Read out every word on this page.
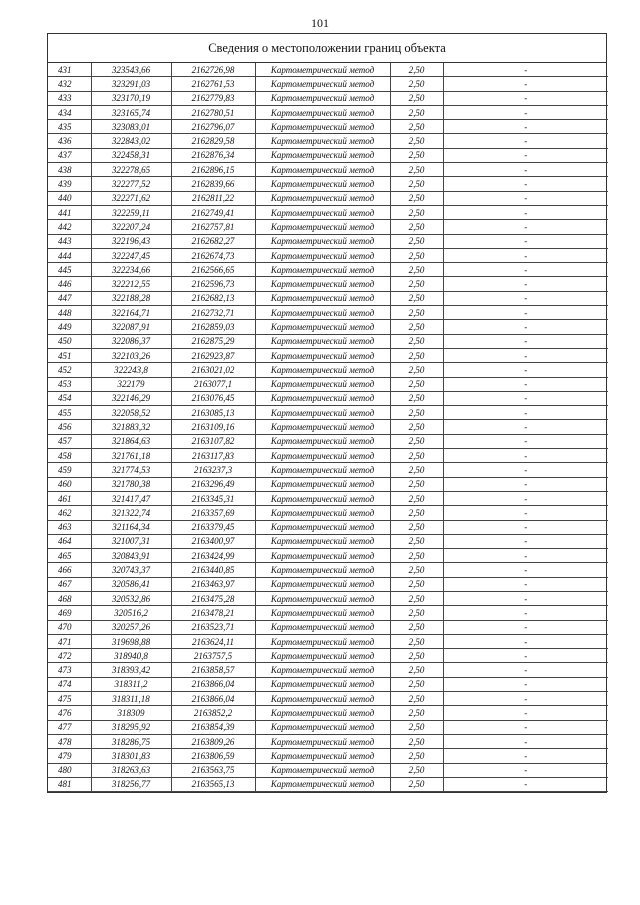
101
Сведения о местоположении границ объекта
431	323543,66	2162726,98	Картометрический метод	2,50	-
432	323291,03	2162761,53	Картометрический метод	2,50	-
433	323170,19	2162779,83	Картометрический метод	2,50	-
434	323165,74	2162780,51	Картометрический метод	2,50	-
435	323083,01	2162796,07	Картометрический метод	2,50	-
436	322843,02	2162829,58	Картометрический метод	2,50	-
437	322458,31	2162876,34	Картометрический метод	2,50	-
438	322278,65	2162896,15	Картометрический метод	2,50	-
439	322277,52	2162839,66	Картометрический метод	2,50	-
440	322271,62	2162811,22	Картометрический метод	2,50	-
441	322259,11	2162749,41	Картометрический метод	2,50	-
442	322207,24	2162757,81	Картометрический метод	2,50	-
443	322196,43	2162682,27	Картометрический метод	2,50	-
444	322247,45	2162674,73	Картометрический метод	2,50	-
445	322234,66	2162566,65	Картометрический метод	2,50	-
446	322212,55	2162596,73	Картометрический метод	2,50	-
447	322188,28	2162682,13	Картометрический метод	2,50	-
448	322164,71	2162732,71	Картометрический метод	2,50	-
449	322087,91	2162859,03	Картометрический метод	2,50	-
450	322086,37	2162875,29	Картометрический метод	2,50	-
451	322103,26	2162923,87	Картометрический метод	2,50	-
452	322243,8	2163021,02	Картометрический метод	2,50	-
453	322179	2163077,1	Картометрический метод	2,50	-
454	322146,29	2163076,45	Картометрический метод	2,50	-
455	322058,52	2163085,13	Картометрический метод	2,50	-
456	321883,32	2163109,16	Картометрический метод	2,50	-
457	321864,63	2163107,82	Картометрический метод	2,50	-
458	321761,18	2163117,83	Картометрический метод	2,50	-
459	321774,53	2163237,3	Картометрический метод	2,50	-
460	321780,38	2163296,49	Картометрический метод	2,50	-
461	321417,47	2163345,31	Картометрический метод	2,50	-
462	321322,74	2163357,69	Картометрический метод	2,50	-
463	321164,34	2163379,45	Картометрический метод	2,50	-
464	321007,31	2163400,97	Картометрический метод	2,50	-
465	320843,91	2163424,99	Картометрический метод	2,50	-
466	320743,37	2163440,85	Картометрический метод	2,50	-
467	320586,41	2163463,97	Картометрический метод	2,50	-
468	320532,86	2163475,28	Картометрический метод	2,50	-
469	320516,2	2163478,21	Картометрический метод	2,50	-
470	320257,26	2163523,71	Картометрический метод	2,50	-
471	319698,88	2163624,11	Картометрический метод	2,50	-
472	318940,8	2163757,5	Картометрический метод	2,50	-
473	318393,42	2163858,57	Картометрический метод	2,50	-
474	318311,2	2163866,04	Картометрический метод	2,50	-
475	318311,18	2163866,04	Картометрический метод	2,50	-
476	318309	2163852,2	Картометрический метод	2,50	-
477	318295,92	2163854,39	Картометрический метод	2,50	-
478	318286,75	2163809,26	Картометрический метод	2,50	-
479	318301,83	2163806,59	Картометрический метод	2,50	-
480	318263,63	2163563,75	Картометрический метод	2,50	-
481	318256,77	2163565,13	Картометрический метод	2,50	-
